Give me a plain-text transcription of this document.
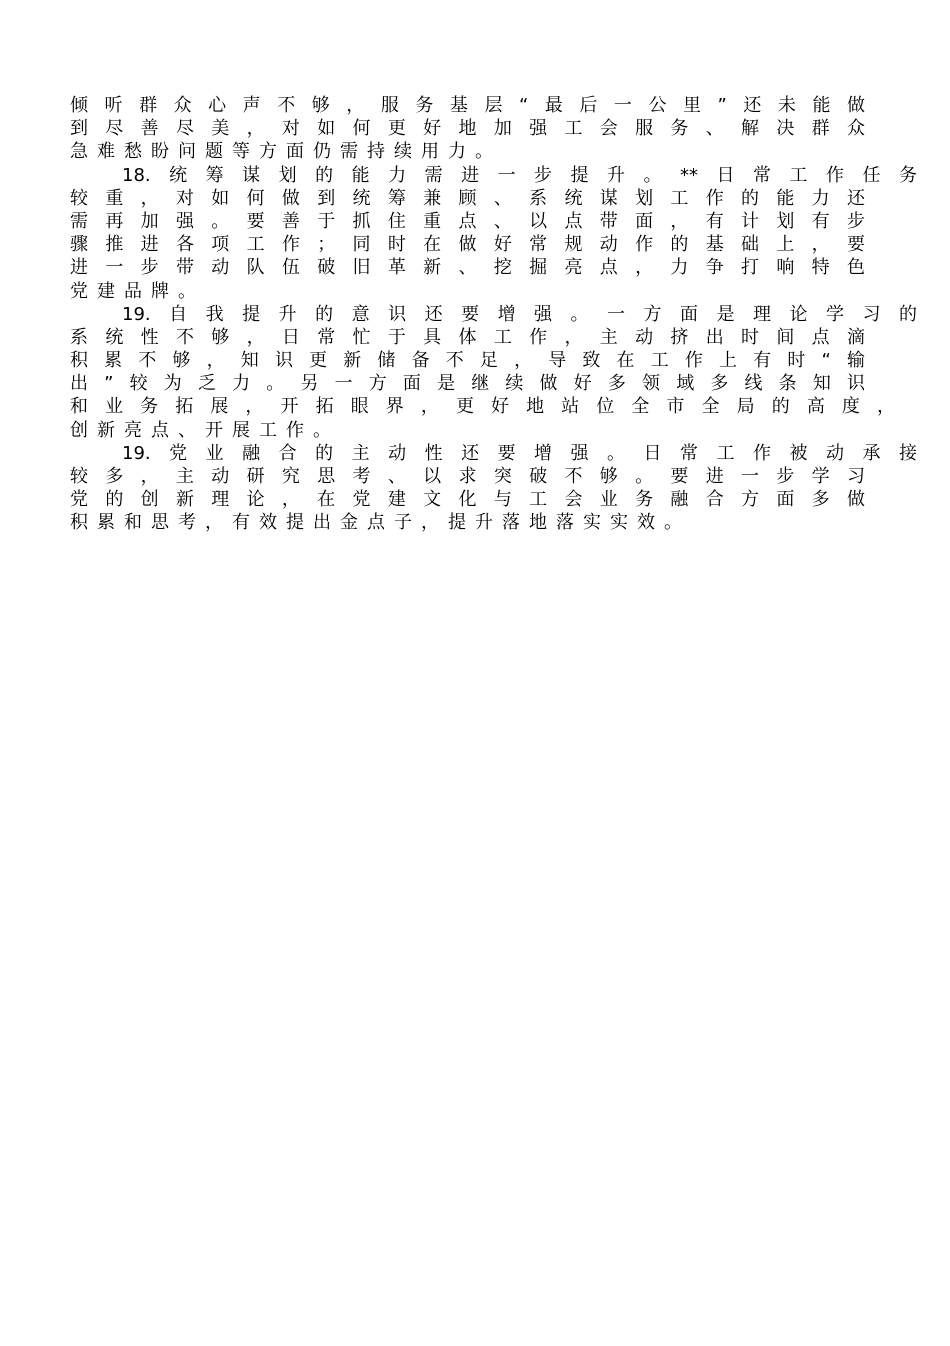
倾听群众心声不够，服务基层“最后一公里”还未能做
到尽善尽美，对如何更好地加强工会服务、解决群众
急难愁盼问题等方面仍需持续用力。
18.统筹谋划的能力需进一步提升。**日常工作任务
较重，对如何做到统筹兼顾、系统谋划工作的能力还
需再加强。要善于抓住重点、以点带面，有计划有步
骤推进各项工作；同时在做好常规动作的基础上，要
进一步带动队伍破旧革新、挖掘亮点，力争打响特色
党建品牌。
19.自我提升的意识还要增强。一方面是理论学习的
系统性不够，日常忙于具体工作，主动挤出时间点滴
积累不够，知识更新储备不足，导致在工作上有时“输
出”较为乏力。另一方面是继续做好多领域多线条知识
和业务拓展，开拓眼界，更好地站位全市全局的高度，
创新亮点、开展工作。
19.党业融合的主动性还要增强。日常工作被动承接
较多，主动研究思考、以求突破不够。要进一步学习
党的创新理论，在党建文化与工会业务融合方面多做
积累和思考，有效提出金点子，提升落地落实实效。
